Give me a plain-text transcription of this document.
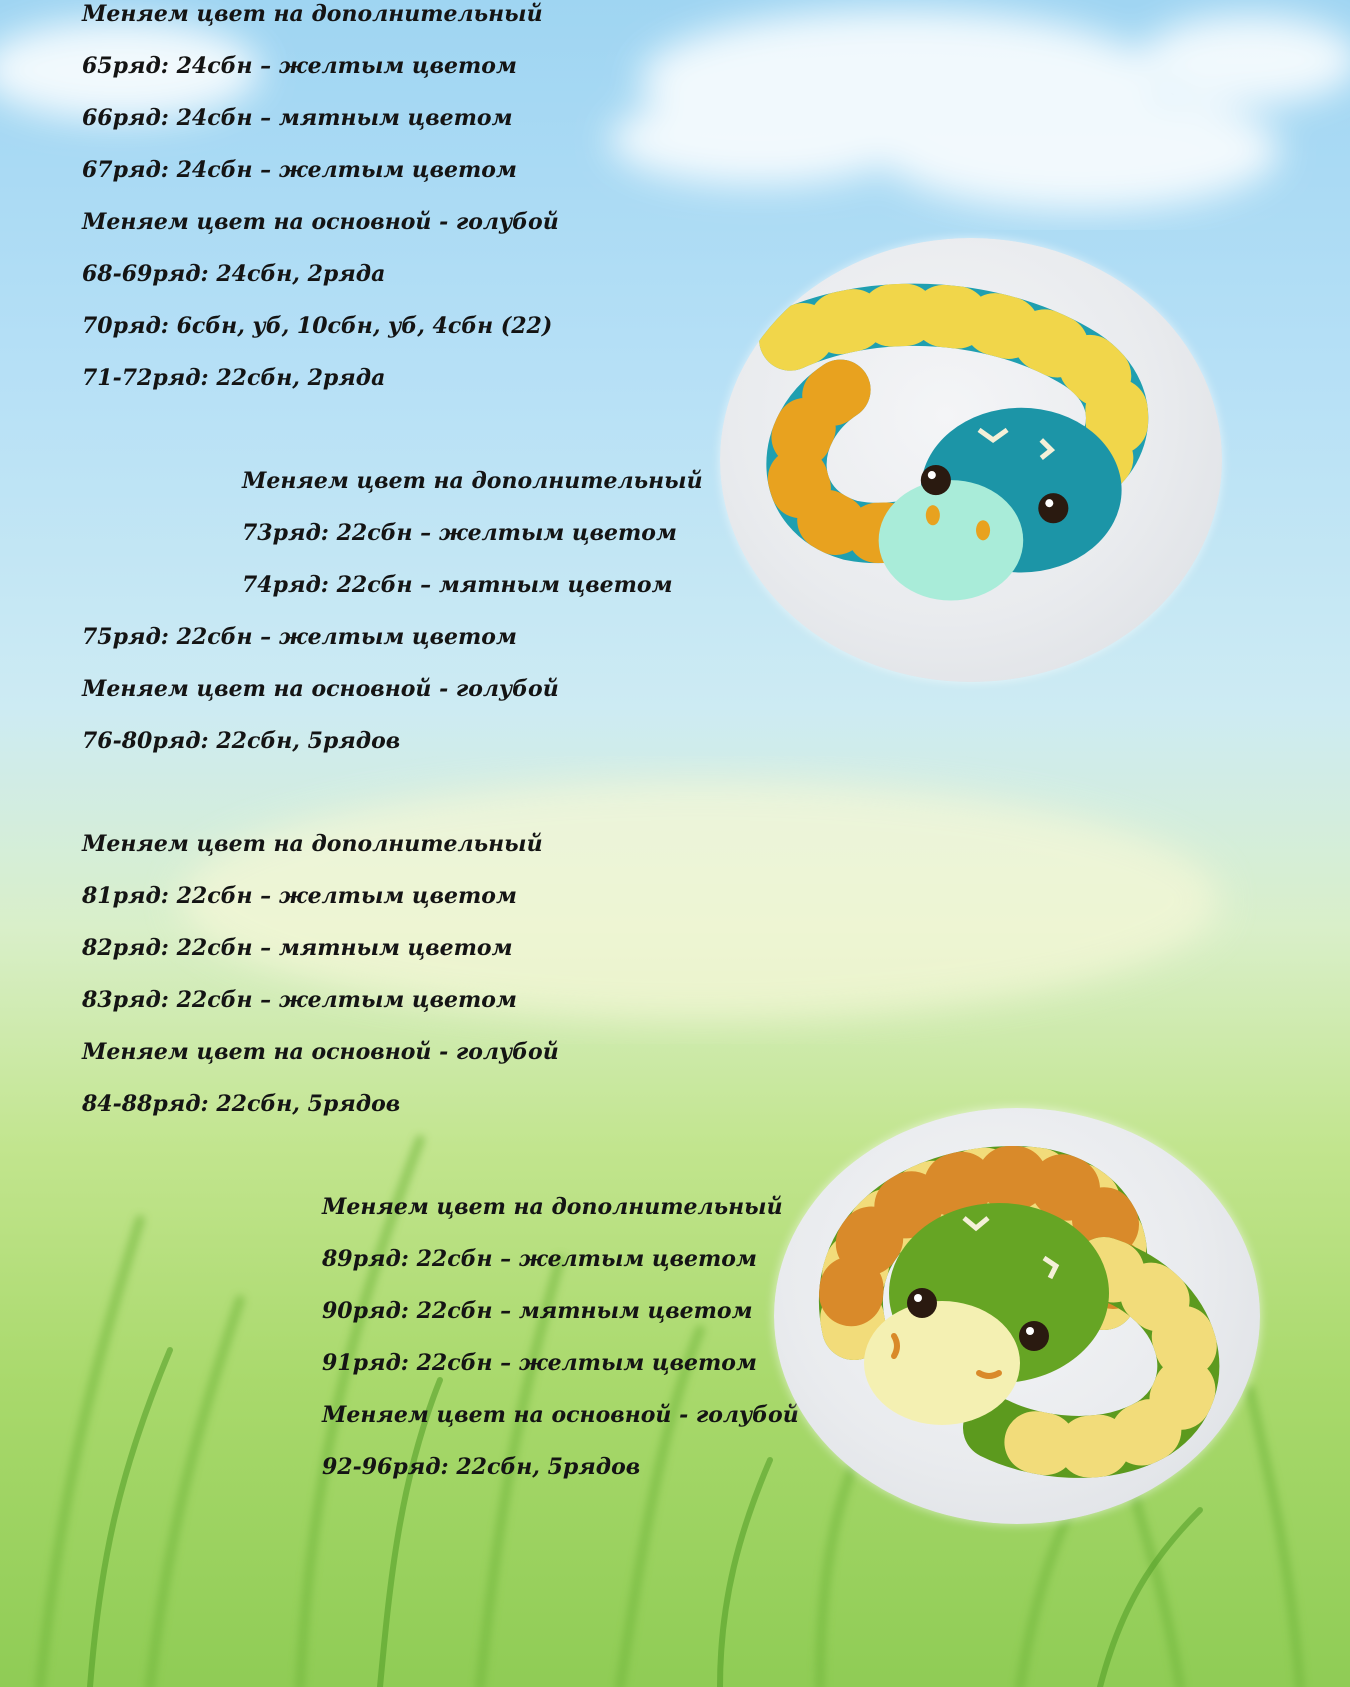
Меняем цвет на дополнительный

65ряд: 24сбн – желтым цветом

66ряд: 24сбн – мятным цветом

67ряд: 24сбн – желтым цветом

Меняем цвет на основной - голубой

68-69ряд: 24сбн, 2ряда

70ряд: 6сбн, уб, 10сбн, уб, 4сбн (22)

71-72ряд: 22сбн, 2ряда

Меняем цвет на дополнительный

73ряд: 22сбн – желтым цветом

74ряд: 22сбн – мятным цветом

75ряд: 22сбн – желтым цветом

Меняем цвет на основной - голубой

76-80ряд: 22сбн, 5рядов

Меняем цвет на дополнительный

81ряд: 22сбн – желтым цветом

82ряд: 22сбн – мятным цветом

83ряд: 22сбн – желтым цветом

Меняем цвет на основной - голубой

84-88ряд: 22сбн, 5рядов

Меняем цвет на дополнительный

89ряд: 22сбн – желтым цветом

90ряд: 22сбн – мятным цветом

91ряд: 22сбн – желтым цветом

Меняем цвет на основной - голубой

92-96ряд: 22сбн, 5рядов
